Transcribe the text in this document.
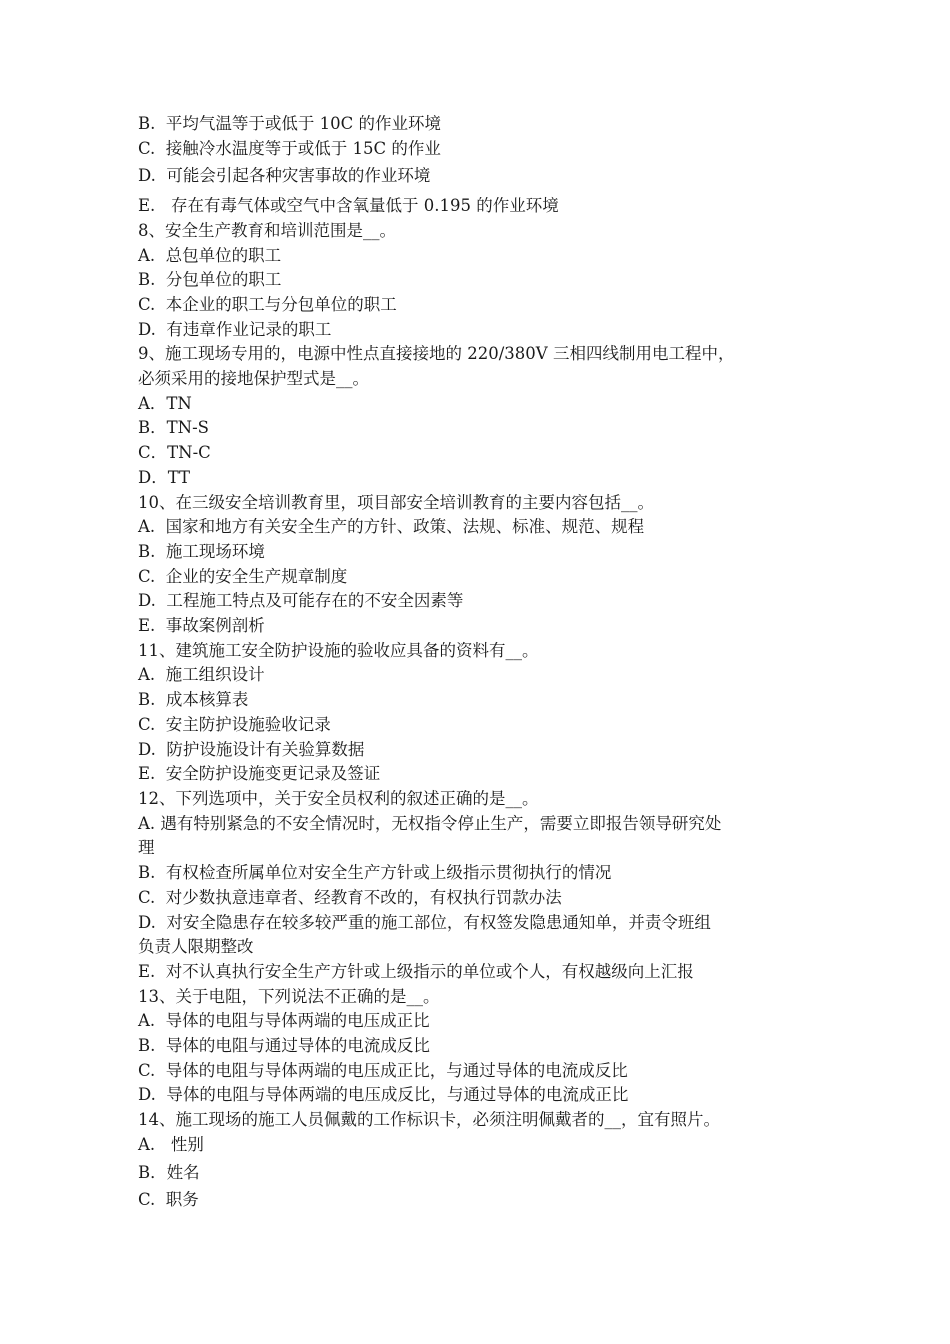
B.  平均气温等于或低于 10C 的作业环境
C.  接触冷水温度等于或低于 15C 的作业
D.  可能会引起各种灾害事故的作业环境
E.   存在有毒气体或空气中含氧量低于 0.195 的作业环境
8、安全生产教育和培训范围是__。
A.  总包单位的职工
B.  分包单位的职工
C.  本企业的职工与分包单位的职工
D.  有违章作业记录的职工
9、施工现场专用的，电源中性点直接接地的 220/380V 三相四线制用电工程中，
必须采用的接地保护型式是__。
A．TN
B．TN-S
C．TN-C
D．TT
10、在三级安全培训教育里，项目部安全培训教育的主要内容包括__。
A.  国家和地方有关安全生产的方针、政策、法规、标准、规范、规程
B.  施工现场环境
C.  企业的安全生产规章制度
D.  工程施工特点及可能存在的不安全因素等
E.  事故案例剖析
11、建筑施工安全防护设施的验收应具备的资料有__。
A.  施工组织设计
B.  成本核算表
C.  安主防护设施验收记录
D.  防护设施设计有关验算数据
E.  安全防护设施变更记录及签证
12、下列选项中，关于安全员权利的叙述正确的是__。
A. 遇有特别紧急的不安全情况时，无权指令停止生产，需要立即报告领导研究处
理
B.  有权检查所属单位对安全生产方针或上级指示贯彻执行的情况
C.  对少数执意违章者、经教育不改的，有权执行罚款办法
D.  对安全隐患存在较多较严重的施工部位，有权签发隐患通知单，并责令班组
负责人限期整改
E.  对不认真执行安全生产方针或上级指示的单位或个人，有权越级向上汇报
13、关于电阻，下列说法不正确的是__。
A.  导体的电阻与导体两端的电压成正比
B.  导体的电阻与通过导体的电流成反比
C.  导体的电阻与导体两端的电压成正比，与通过导体的电流成反比
D.  导体的电阻与导体两端的电压成反比，与通过导体的电流成正比
14、施工现场的施工人员佩戴的工作标识卡，必须注明佩戴者的__，宜有照片。
A.   性别
B．姓名
C.  职务
